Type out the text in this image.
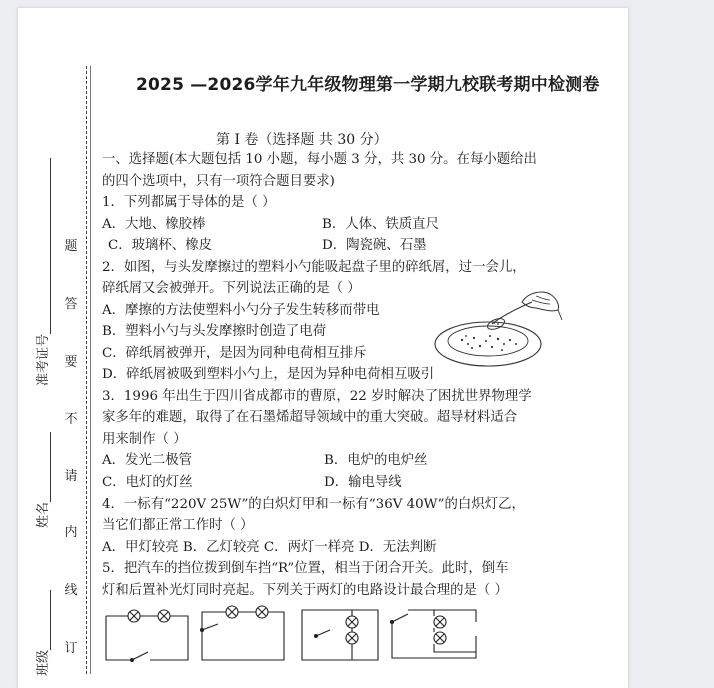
题
答
要
不
请
内
线
订
准考证号
姓名
班级
2025 —2026学年九年级物理第一学期九校联考期中检测卷
第 I 卷（选择题 共 30 分）
一、选择题(本大题包括 10 小题，每小题 3 分，共 30 分。在每小题给出
的四个选项中，只有一项符合题目要求)
1．下列都属于导体的是（ ）
A．大地、橡胶棒	B．人体、铁质直尺
C．玻璃杯、橡皮	D．陶瓷碗、石墨
2．如图，与头发摩擦过的塑料小勺能吸起盘子里的碎纸屑，过一会儿，
碎纸屑又会被弹开。下列说法正确的是（ ）
A．摩擦的方法使塑料小勺分子发生转移而带电
B．塑料小勺与头发摩擦时创造了电荷
C．碎纸屑被弹开，是因为同种电荷相互排斥
D．碎纸屑被吸到塑料小勺上，是因为异种电荷相互吸引
3．1996 年出生于四川省成都市的曹原，22 岁时解决了困扰世界物理学
家多年的难题，取得了在石墨烯超导领域中的重大突破。超导材料适合
用来制作（ ）
A．发光二极管	B．电炉的电炉丝
C．电灯的灯丝	D．输电导线
4．一标有“220V 25W”的白炽灯甲和一标有“36V 40W”的白炽灯乙，
当它们都正常工作时（ ）
A．甲灯较亮 B．乙灯较亮 C．两灯一样亮 D．无法判断
5．把汽车的挡位拨到倒车挡“R”位置，相当于闭合开关。此时，倒车
灯和后置补光灯同时亮起。下列关于两灯的电路设计最合理的是（ ）
